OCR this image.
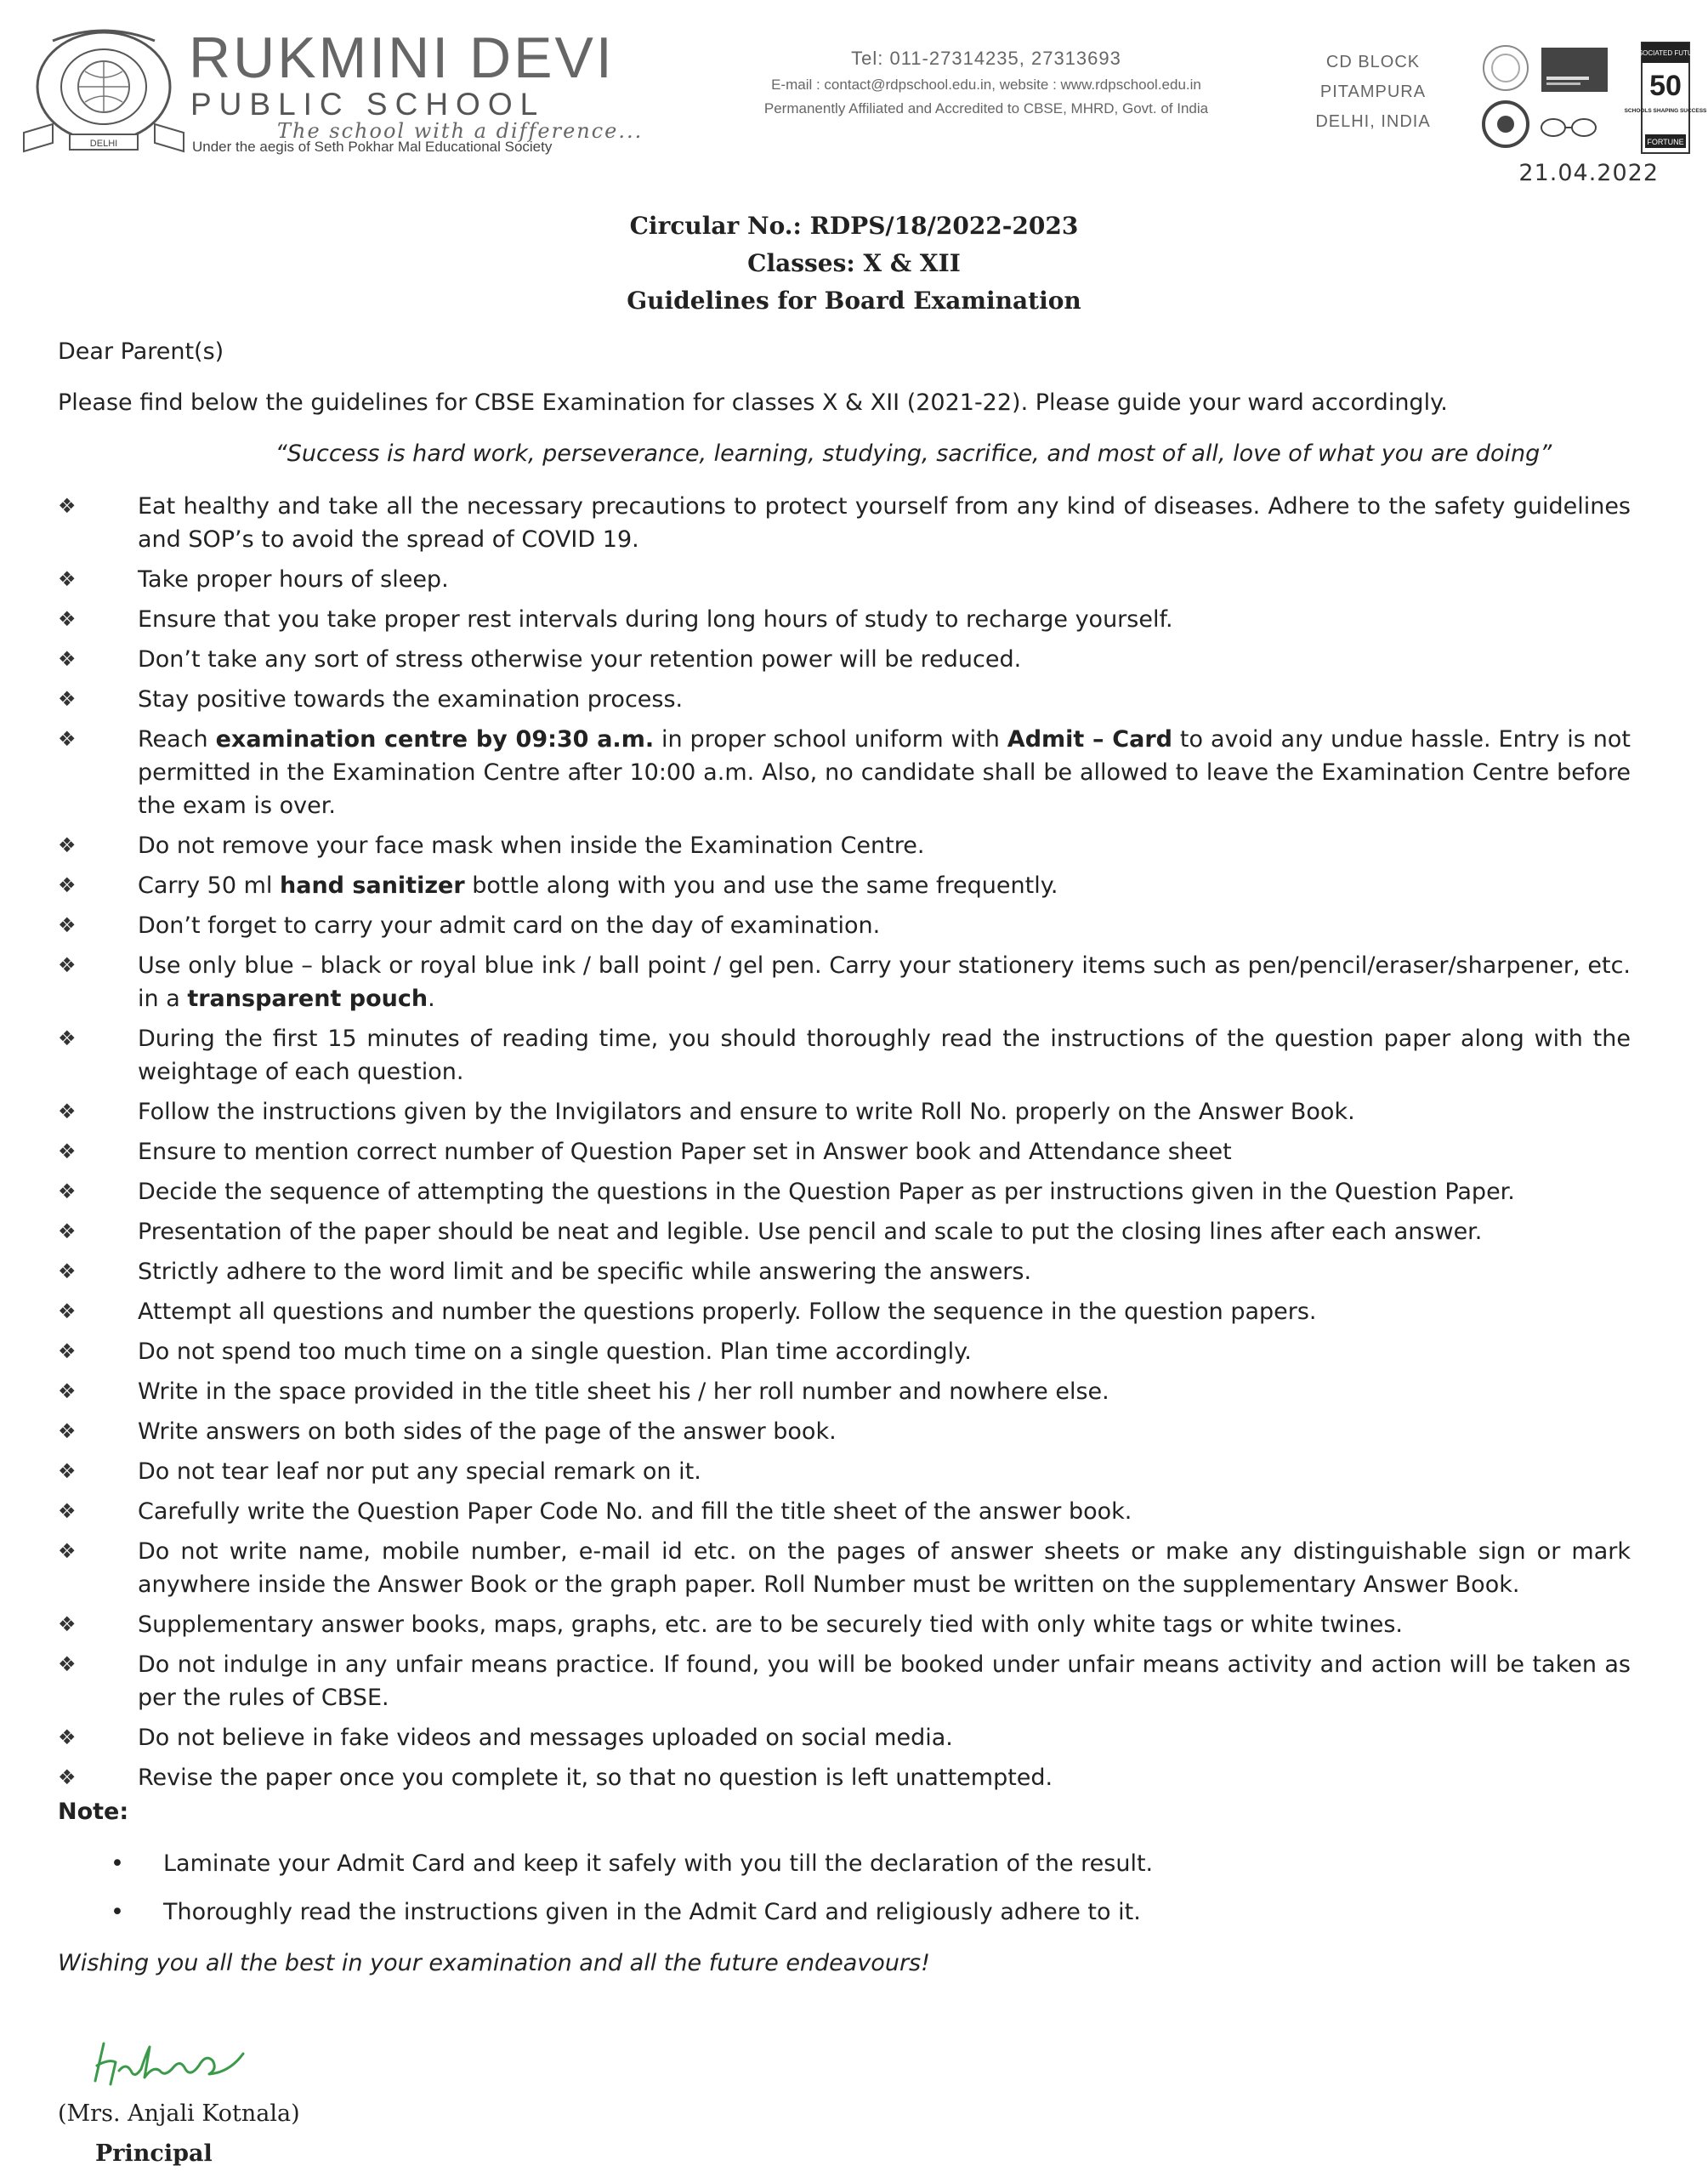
DELHI
RUKMINI DEVI
PUBLIC SCHOOL
The school with a difference...
Under the aegis of Seth Pokhar Mal Educational Society
Tel: 011-27314235, 27313693
E-mail : contact@rdpschool.edu.in, website : www.rdpschool.edu.in
Permanently Affiliated and Accredited to CBSE, MHRD, Govt. of India
CD BLOCK
PITAMPURA
DELHI, INDIA
ASSOCIATED FUTURE
50
SCHOOLS SHAPING SUCCESS
FORTUNE
21.04.2022
Circular No.: RDPS/18/2022-2023
Classes: X & XII
Guidelines for Board Examination
Dear Parent(s)
Please find below the guidelines for CBSE Examination for classes X & XII (2021-22). Please guide your ward accordingly.
“Success is hard work, perseverance, learning, studying, sacrifice, and most of all, love of what you are doing”
❖	Eat healthy and take all the necessary precautions to protect yourself from any kind of diseases. Adhere to the safety guidelines and SOP’s to avoid the spread of COVID 19.
❖	Take proper hours of sleep.
❖	Ensure that you take proper rest intervals during long hours of study to recharge yourself.
❖	Don’t take any sort of stress otherwise your retention power will be reduced.
❖	Stay positive towards the examination process.
❖	Reach examination centre by 09:30 a.m. in proper school uniform with Admit – Card to avoid any undue hassle. Entry is not permitted in the Examination Centre after 10:00 a.m. Also, no candidate shall be allowed to leave the Examination Centre before the exam is over.
❖	Do not remove your face mask when inside the Examination Centre.
❖	Carry 50 ml hand sanitizer bottle along with you and use the same frequently.
❖	Don’t forget to carry your admit card on the day of examination.
❖	Use only blue – black or royal blue ink / ball point / gel pen. Carry your stationery items such as pen/pencil/eraser/sharpener, etc. in a transparent pouch.
❖	During the first 15 minutes of reading time, you should thoroughly read the instructions of the question paper along with the weightage of each question.
❖	Follow the instructions given by the Invigilators and ensure to write Roll No. properly on the Answer Book.
❖	Ensure to mention correct number of Question Paper set in Answer book and Attendance sheet
❖	Decide the sequence of attempting the questions in the Question Paper as per instructions given in the Question Paper.
❖	Presentation of the paper should be neat and legible. Use pencil and scale to put the closing lines after each answer.
❖	Strictly adhere to the word limit and be specific while answering the answers.
❖	Attempt all questions and number the questions properly. Follow the sequence in the question papers.
❖	Do not spend too much time on a single question. Plan time accordingly.
❖	Write in the space provided in the title sheet his / her roll number and nowhere else.
❖	Write answers on both sides of the page of the answer book.
❖	Do not tear leaf nor put any special remark on it.
❖	Carefully write the Question Paper Code No. and fill the title sheet of the answer book.
❖	Do not write name, mobile number, e-mail id etc. on the pages of answer sheets or make any distinguishable sign or mark anywhere inside the Answer Book or the graph paper. Roll Number must be written on the supplementary Answer Book.
❖	Supplementary answer books, maps, graphs, etc. are to be securely tied with only white tags or white twines.
❖	Do not indulge in any unfair means practice. If found, you will be booked under unfair means activity and action will be taken as per the rules of CBSE.
❖	Do not believe in fake videos and messages uploaded on social media.
❖	Revise the paper once you complete it, so that no question is left unattempted.
Note:
• Laminate your Admit Card and keep it safely with you till the declaration of the result.
• Thoroughly read the instructions given in the Admit Card and religiously adhere to it.
Wishing you all the best in your examination and all the future endeavours!
(Mrs. Anjali Kotnala)
Principal
